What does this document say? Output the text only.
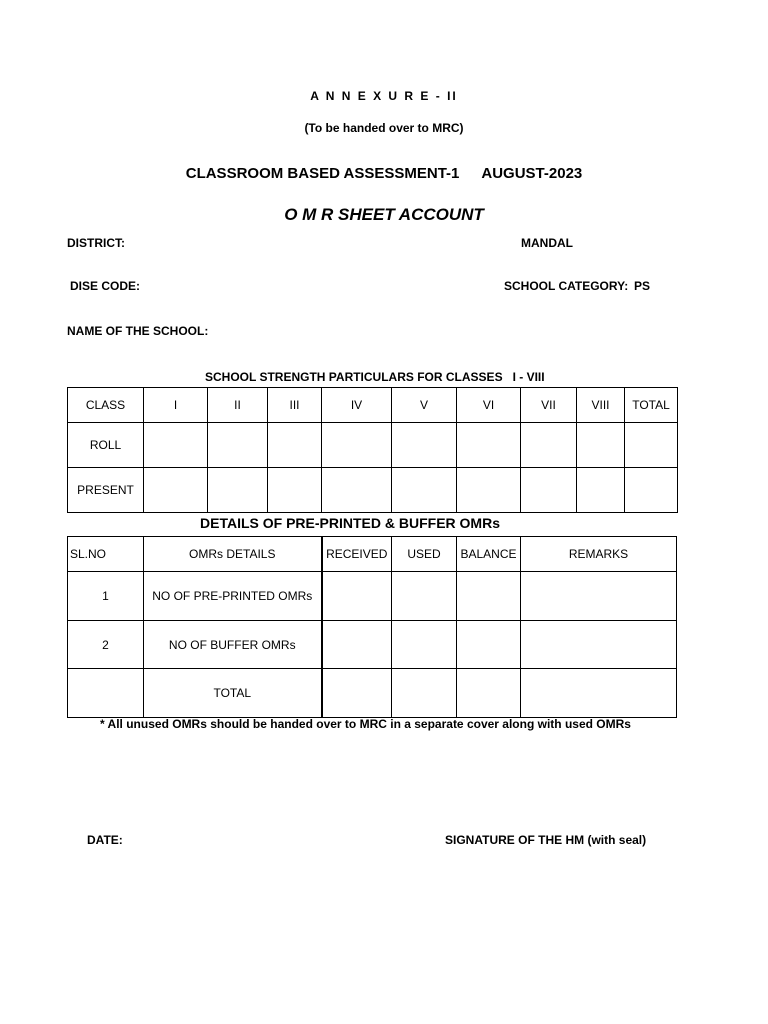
A N N E X U R E - II
(To be handed over to MRC)
CLASSROOM BASED ASSESSMENT-1 AUGUST-2023
O M R SHEET ACCOUNT
DISTRICT:	MANDAL
DISE CODE:	SCHOOL CATEGORY: PS
NAME OF THE SCHOOL:
SCHOOL STRENGTH PARTICULARS FOR CLASSES   I - VIII
CLASS	I	II	III	IV	V	VI	VII	VIII	TOTAL
ROLL									
PRESENT									
DETAILS OF PRE-PRINTED & BUFFER OMRs
SL.NO	OMRs DETAILS	RECEIVED	USED	BALANCE	REMARKS
1	NO OF PRE-PRINTED OMRs				
2	NO OF BUFFER OMRs				
	TOTAL				
* All unused OMRs should be handed over to MRC in a separate cover along with used OMRs
DATE:	SIGNATURE OF THE HM (with seal)
